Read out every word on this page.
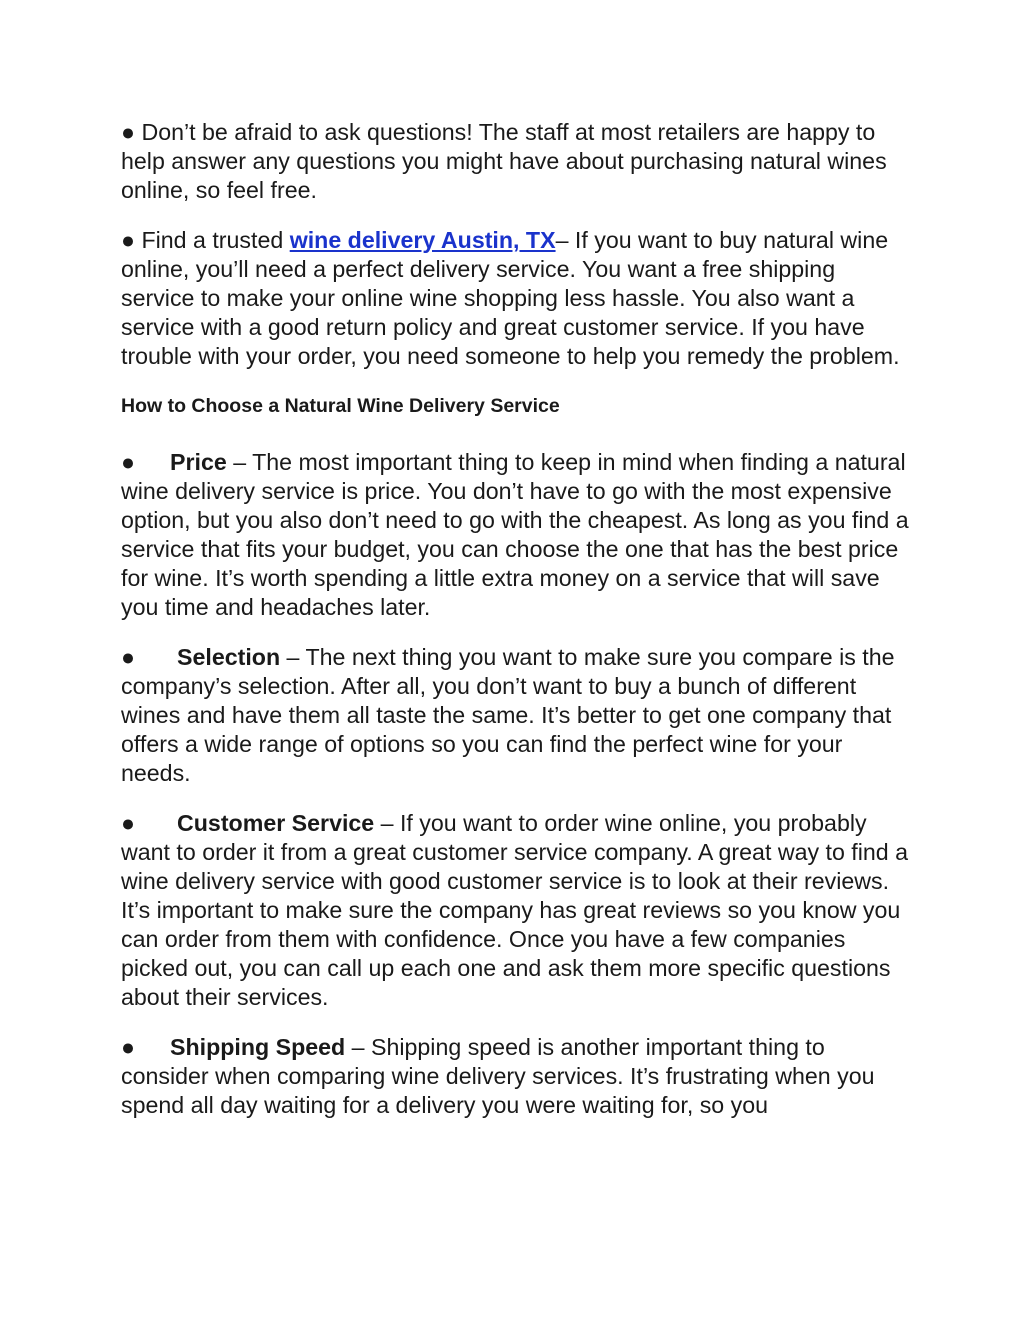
● Don’t be afraid to ask questions! The staff at most retailers are happy to help answer any questions you might have about purchasing natural wines online, so feel free.

● Find a trusted wine delivery Austin, TX– If you want to buy natural wine online, you’ll need a perfect delivery service. You want a free shipping service to make your online wine shopping less hassle. You also want a service with a good return policy and great customer service. If you have trouble with your order, you need someone to help you remedy the problem.

How to Choose a Natural Wine Delivery Service

● Price – The most important thing to keep in mind when finding a natural wine delivery service is price. You don’t have to go with the most expensive option, but you also don’t need to go with the cheapest. As long as you find a service that fits your budget, you can choose the one that has the best price for wine. It’s worth spending a little extra money on a service that will save you time and headaches later.

● Selection – The next thing you want to make sure you compare is the company’s selection. After all, you don’t want to buy a bunch of different wines and have them all taste the same. It’s better to get one company that offers a wide range of options so you can find the perfect wine for your needs.

● Customer Service – If you want to order wine online, you probably want to order it from a great customer service company. A great way to find a wine delivery service with good customer service is to look at their reviews. It’s important to make sure the company has great reviews so you know you can order from them with confidence. Once you have a few companies picked out, you can call up each one and ask them more specific questions about their services.

● Shipping Speed – Shipping speed is another important thing to consider when comparing wine delivery services. It’s frustrating when you spend all day waiting for a delivery you were waiting for, so you
